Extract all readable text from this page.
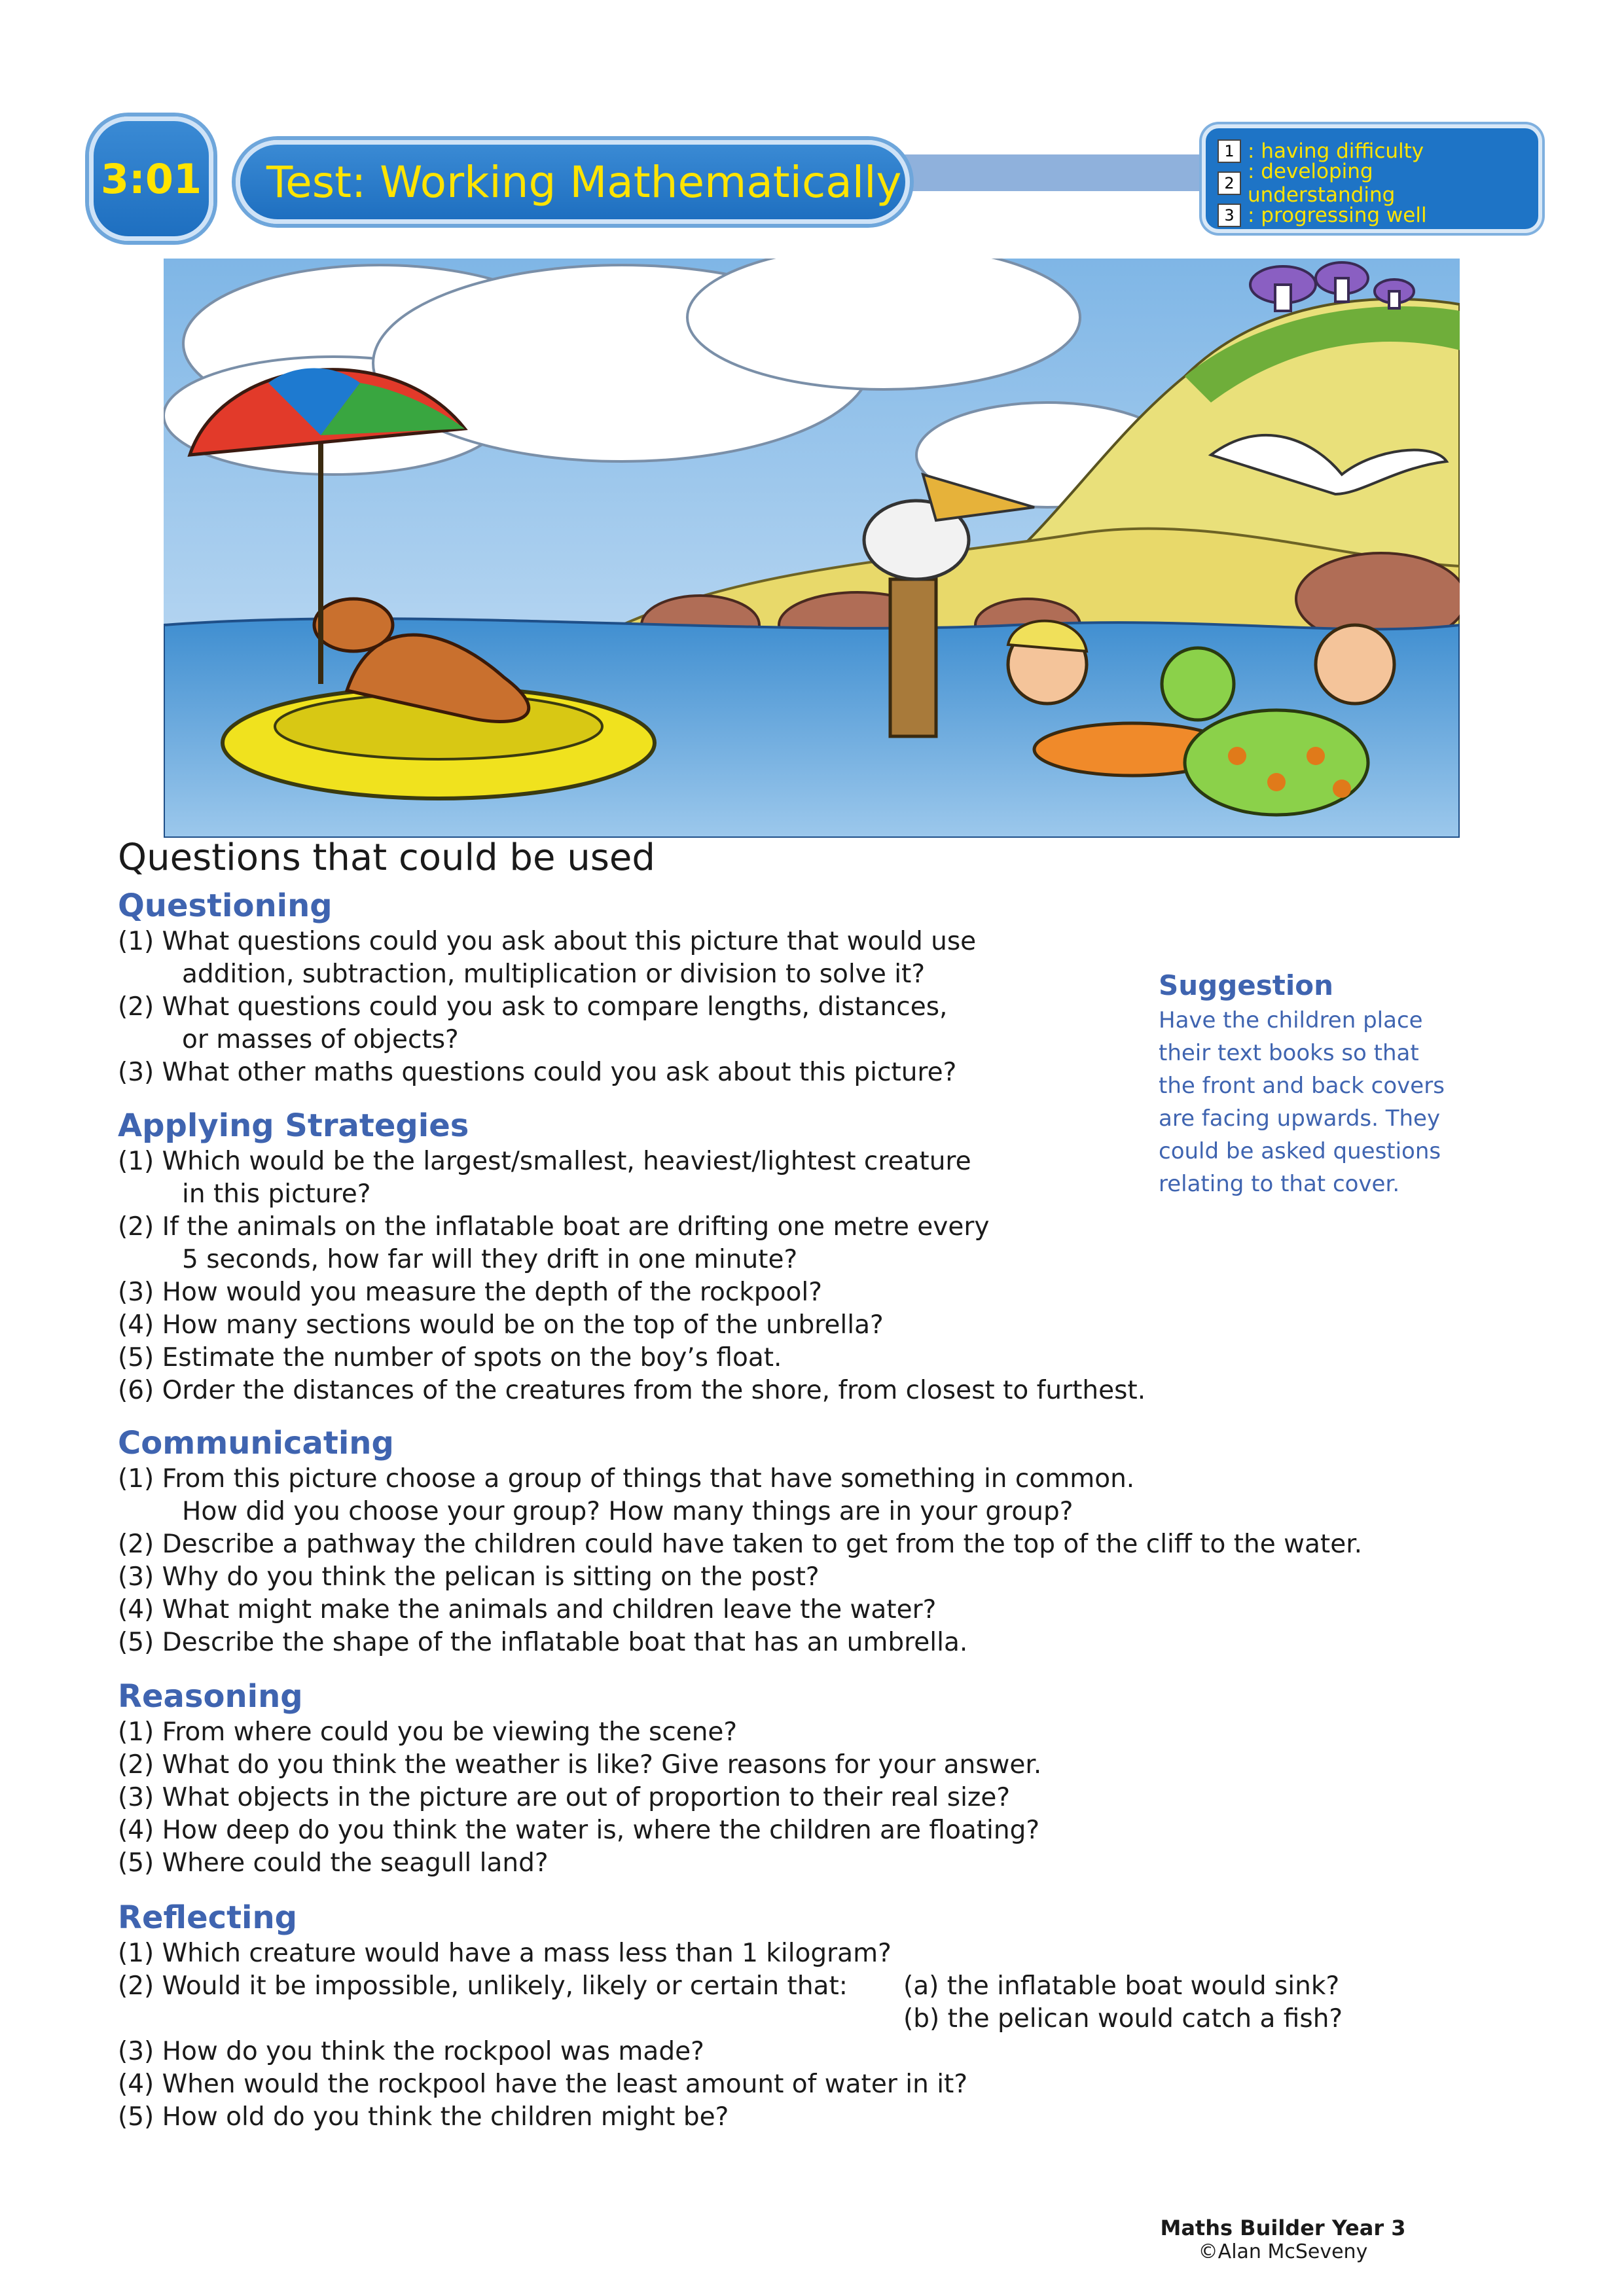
3:01	Test: Working Mathematically
1 : having difficulty
2 : developing understanding
3 : progressing well
Questions that could be used
Questioning

(1) What questions could you ask about this picture that would use

addition, subtraction, multiplication or division to solve it?

(2) What questions could you ask to compare lengths, distances,

or masses of objects?

(3) What other maths questions could you ask about this picture?

Suggestion

Have the children place

their text books so that

the front and back covers

are facing upwards. They

could be asked questions

relating to that cover.

Applying Strategies

(1) Which would be the largest/smallest, heaviest/lightest creature

in this picture?

(2) If the animals on the inflatable boat are drifting one metre every

5 seconds, how far will they drift in one minute?

(3) How would you measure the depth of the rockpool?

(4) How many sections would be on the top of the unbrella?

(5) Estimate the number of spots on the boy’s float.

(6) Order the distances of the creatures from the shore, from closest to furthest.

Communicating

(1) From this picture choose a group of things that have something in common.

How did you choose your group? How many things are in your group?

(2) Describe a pathway the children could have taken to get from the top of the cliff to the water.

(3) Why do you think the pelican is sitting on the post?

(4) What might make the animals and children leave the water?

(5) Describe the shape of the inflatable boat that has an umbrella.

Reasoning

(1) From where could you be viewing the scene?

(2) What do you think the weather is like? Give reasons for your answer.

(3) What objects in the picture are out of proportion to their real size?

(4) How deep do you think the water is, where the children are floating?

(5) Where could the seagull land?

Reflecting

(1) Which creature would have a mass less than 1 kilogram?

(2) Would it be impossible, unlikely, likely or certain that:	(a) the inflatable boat would sink?

(b) the pelican would catch a fish?

(3) How do you think the rockpool was made?

(4) When would the rockpool have the least amount of water in it?

(5) How old do you think the children might be?

Maths Builder Year 3
©Alan McSeveny
